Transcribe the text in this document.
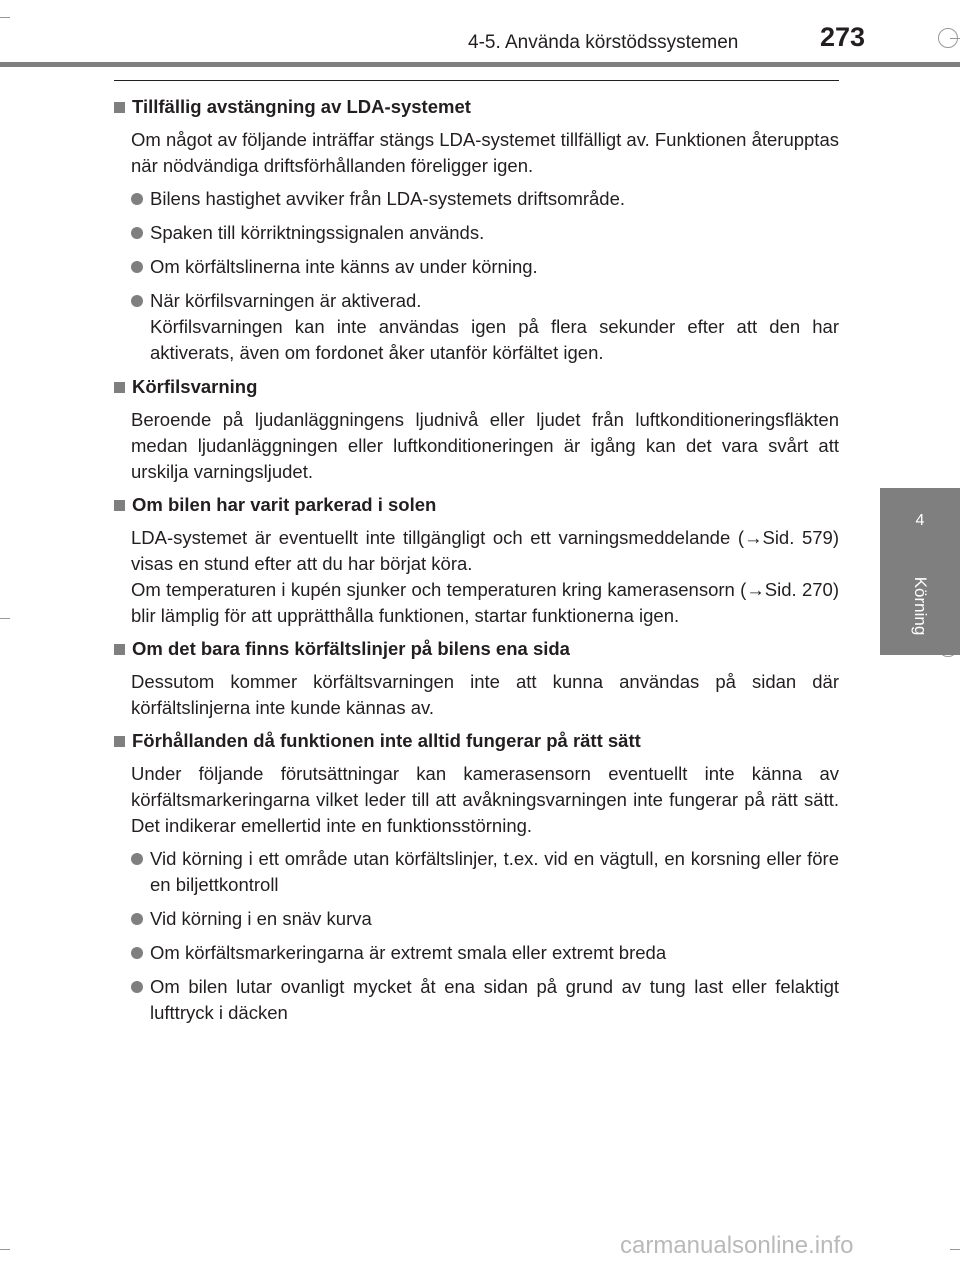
4-5. Använda körstödssystemen	273
4
Körning
Tillfällig avstängning av LDA-systemet
Om något av följande inträffar stängs LDA-systemet tillfälligt av. Funktionen återupptas när nödvändiga driftsförhållanden föreligger igen.
Bilens hastighet avviker från LDA-systemets driftsområde.
Spaken till körriktningssignalen används.
Om körfältslinerna inte känns av under körning.
När körfilsvarningen är aktiverad.
Körfilsvarningen kan inte användas igen på flera sekunder efter att den har aktiverats, även om fordonet åker utanför körfältet igen.
Körfilsvarning
Beroende på ljudanläggningens ljudnivå eller ljudet från luftkonditioneringsfläkten medan ljudanläggningen eller luftkonditioneringen är igång kan det vara svårt att urskilja varningsljudet.
Om bilen har varit parkerad i solen
LDA-systemet är eventuellt inte tillgängligt och ett varningsmeddelande (→Sid. 579) visas en stund efter att du har börjat köra.
Om temperaturen i kupén sjunker och temperaturen kring kamerasensorn (→Sid. 270) blir lämplig för att upprätthålla funktionen, startar funktionerna igen.
Om det bara finns körfältslinjer på bilens ena sida
Dessutom kommer körfältsvarningen inte att kunna användas på sidan där körfältslinjerna inte kunde kännas av.
Förhållanden då funktionen inte alltid fungerar på rätt sätt
Under följande förutsättningar kan kamerasensorn eventuellt inte känna av körfältsmarkeringarna vilket leder till att avåkningsvarningen inte fungerar på rätt sätt. Det indikerar emellertid inte en funktionsstörning.
Vid körning i ett område utan körfältslinjer, t.ex. vid en vägtull, en korsning eller före en biljettkontroll
Vid körning i en snäv kurva
Om körfältsmarkeringarna är extremt smala eller extremt breda
Om bilen lutar ovanligt mycket åt ena sidan på grund av tung last eller felaktigt lufttryck i däcken
carmanualsonline.info
